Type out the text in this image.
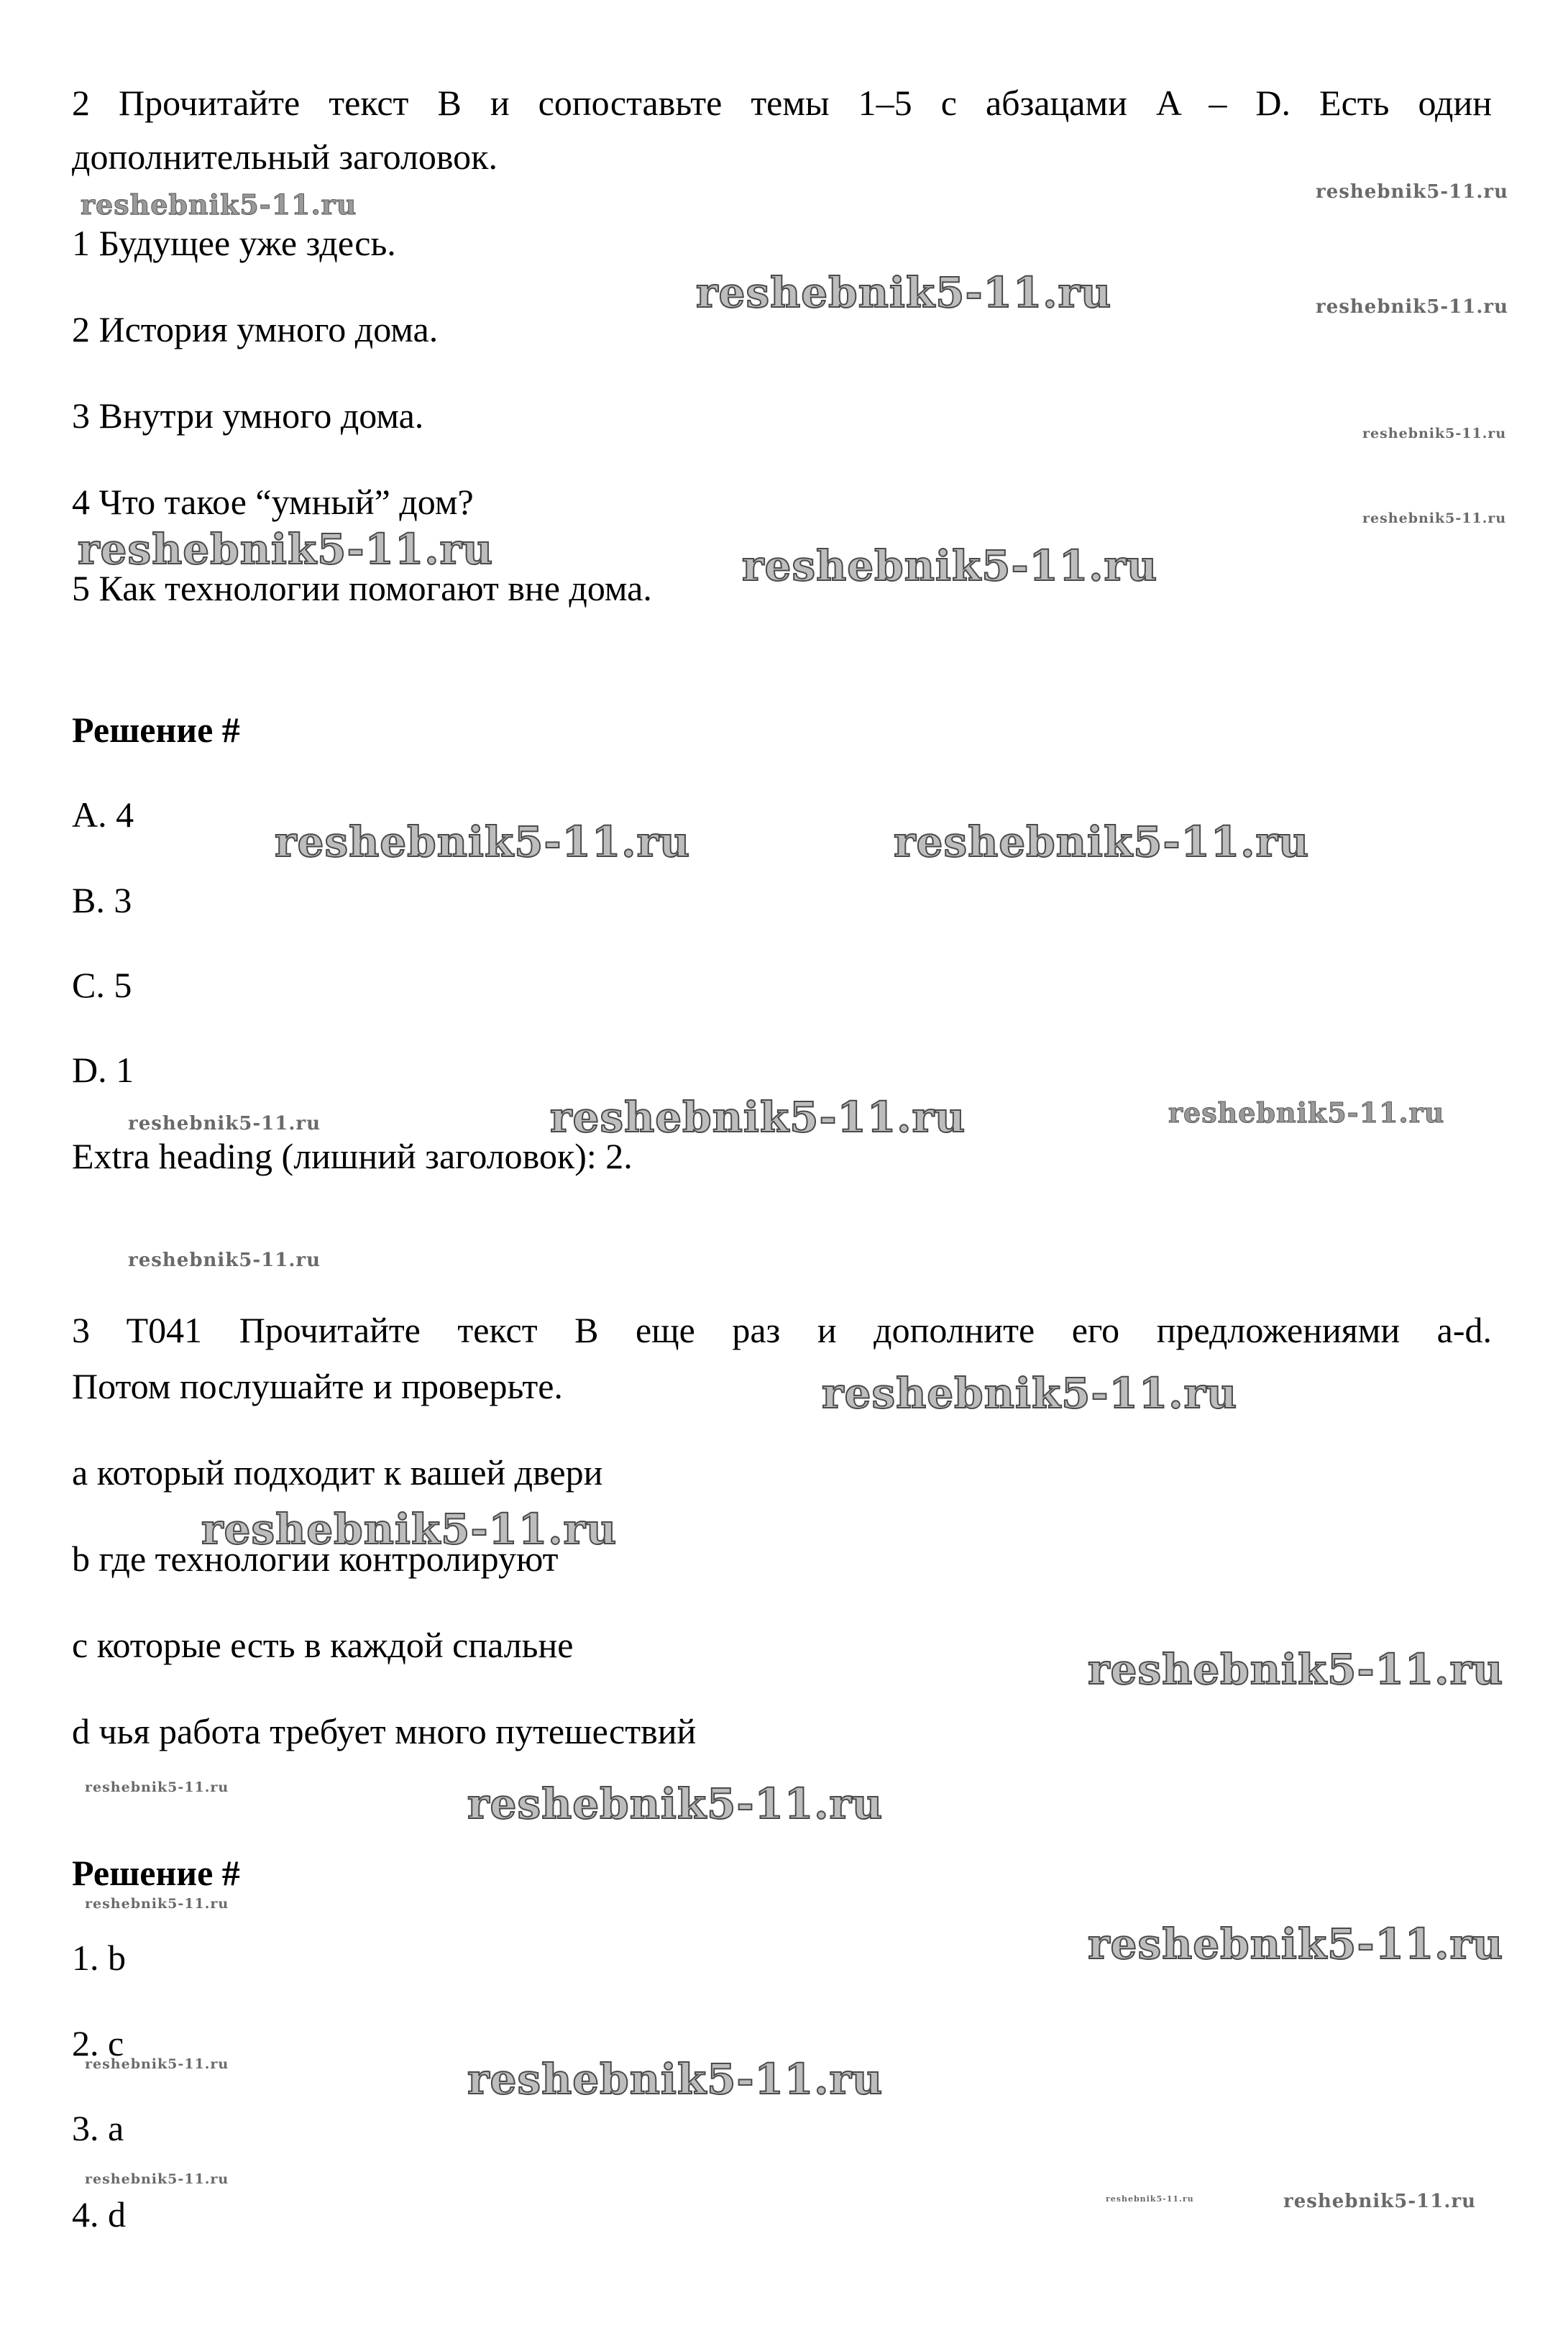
2 Прочитайте текст B и сопоставьте темы 1–5 с абзацами A – D. Есть один
дополнительный заголовок.
1 Будущее уже здесь.
2 История умного дома.
3 Внутри умного дома.
4 Что такое “умный” дом?
5 Как технологии помогают вне дома.
Решение #
A. 4
B. 3
C. 5
D. 1
Extra heading (лишний заголовок): 2.
3 T041 Прочитайте текст B еще раз и дополните его предложениями a-d.
Потом послушайте и проверьте.
a который подходит к вашей двери
b где технологии контролируют
c которые есть в каждой спальне
d чья работа требует много путешествий
Решение #
1. b
2. c
3. a
4. d
reshebnik5-11.ru	reshebnik5-11.ru
reshebnik5-11.ru	reshebnik5-11.ru
reshebnik5-11.ru
reshebnik5-11.ru
reshebnik5-11.ru	reshebnik5-11.ru
reshebnik5-11.ru	reshebnik5-11.ru
reshebnik5-11.ru	reshebnik5-11.ru	reshebnik5-11.ru
reshebnik5-11.ru
reshebnik5-11.ru
reshebnik5-11.ru
reshebnik5-11.ru
reshebnik5-11.ru	reshebnik5-11.ru
reshebnik5-11.ru
reshebnik5-11.ru
reshebnik5-11.ru	reshebnik5-11.ru
reshebnik5-11.ru
reshebnik5-11.ru	reshebnik5-11.ru
